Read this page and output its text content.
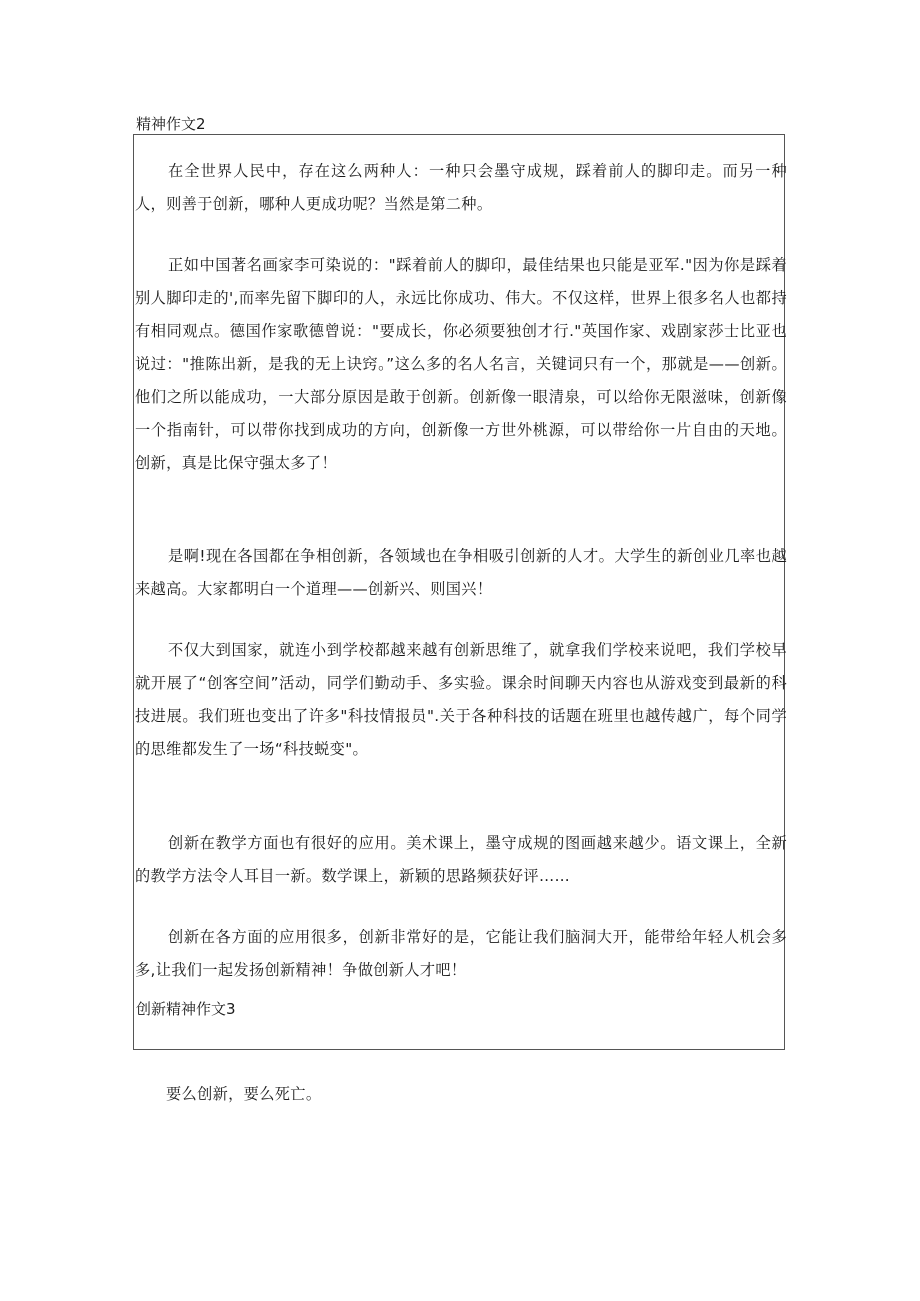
精神作文2

在全世界人民中，存在这么两种人：一种只会墨守成规，踩着前人的脚印走。而另一种人，则善于创新，哪种人更成功呢？当然是第二种。

正如中国著名画家李可染说的："踩着前人的脚印，最佳结果也只能是亚军."因为你是踩着别人脚印走的',而率先留下脚印的人，永远比你成功、伟大。不仅这样，世界上很多名人也都持有相同观点。德国作家歌德曾说："要成长，你必须要独创才行."英国作家、戏剧家莎士比亚也说过："推陈出新，是我的无上诀窍。”这么多的名人名言，关键词只有一个，那就是——创新。他们之所以能成功，一大部分原因是敢于创新。创新像一眼清泉，可以给你无限滋味，创新像一个指南针，可以带你找到成功的方向，创新像一方世外桃源，可以带给你一片自由的天地。创新，真是比保守强太多了！

是啊!现在各国都在争相创新，各领域也在争相吸引创新的人才。大学生的新创业几率也越来越高。大家都明白一个道理——创新兴、则国兴！

不仅大到国家，就连小到学校都越来越有创新思维了，就拿我们学校来说吧，我们学校早就开展了“创客空间”活动，同学们勤动手、多实验。课余时间聊天内容也从游戏变到最新的科技进展。我们班也变出了许多"科技情报员".关于各种科技的话题在班里也越传越广，每个同学的思维都发生了一场“科技蜕变"。

创新在教学方面也有很好的应用。美术课上，墨守成规的图画越来越少。语文课上，全新的教学方法令人耳目一新。数学课上，新颖的思路频获好评……

创新在各方面的应用很多，创新非常好的是，它能让我们脑洞大开，能带给年轻人机会多多,让我们一起发扬创新精神！争做创新人才吧！

创新精神作文3
要么创新，要么死亡。
